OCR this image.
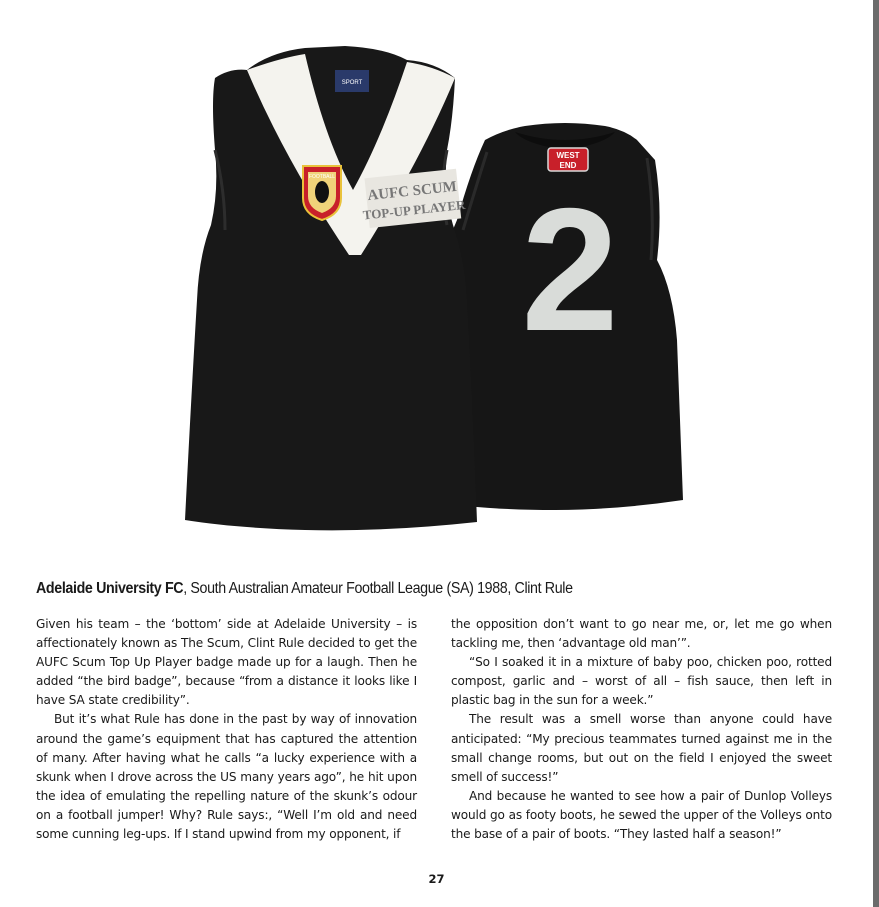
2
WEST
END
SPORT
FOOTBALL
AUFC SCUM
TOP-UP PLAYER
Adelaide University FC, South Australian Amateur Football League (SA) 1988, Clint Rule

Given his team – the ‘bottom’ side at Adelaide University – is affectionately known as The Scum, Clint Rule decided to get the AUFC Scum Top Up Player badge made up for a laugh. Then he added “the bird badge”, because “from a distance it looks like I have SA state credibility”.

But it’s what Rule has done in the past by way of innovation around the game’s equipment that has captured the attention of many. After having what he calls “a lucky experience with a skunk when I drove across the US many years ago”, he hit upon the idea of emulating the repelling nature of the skunk’s odour on a football jumper! Why? Rule says:, “Well I’m old and need some cunning leg-ups. If I stand upwind from my opponent, if

the opposition don’t want to go near me, or, let me go when tackling me, then ‘advantage old man’”.

“So I soaked it in a mixture of baby poo, chicken poo, rotted compost, garlic and – worst of all – fish sauce, then left in plastic bag in the sun for a week.”

The result was a smell worse than anyone could have anticipated: “My precious teammates turned against me in the small change rooms, but out on the field I enjoyed the sweet smell of success!”

And because he wanted to see how a pair of Dunlop Volleys would go as footy boots, he sewed the upper of the Volleys onto the base of a pair of boots. “They lasted half a season!”

27
